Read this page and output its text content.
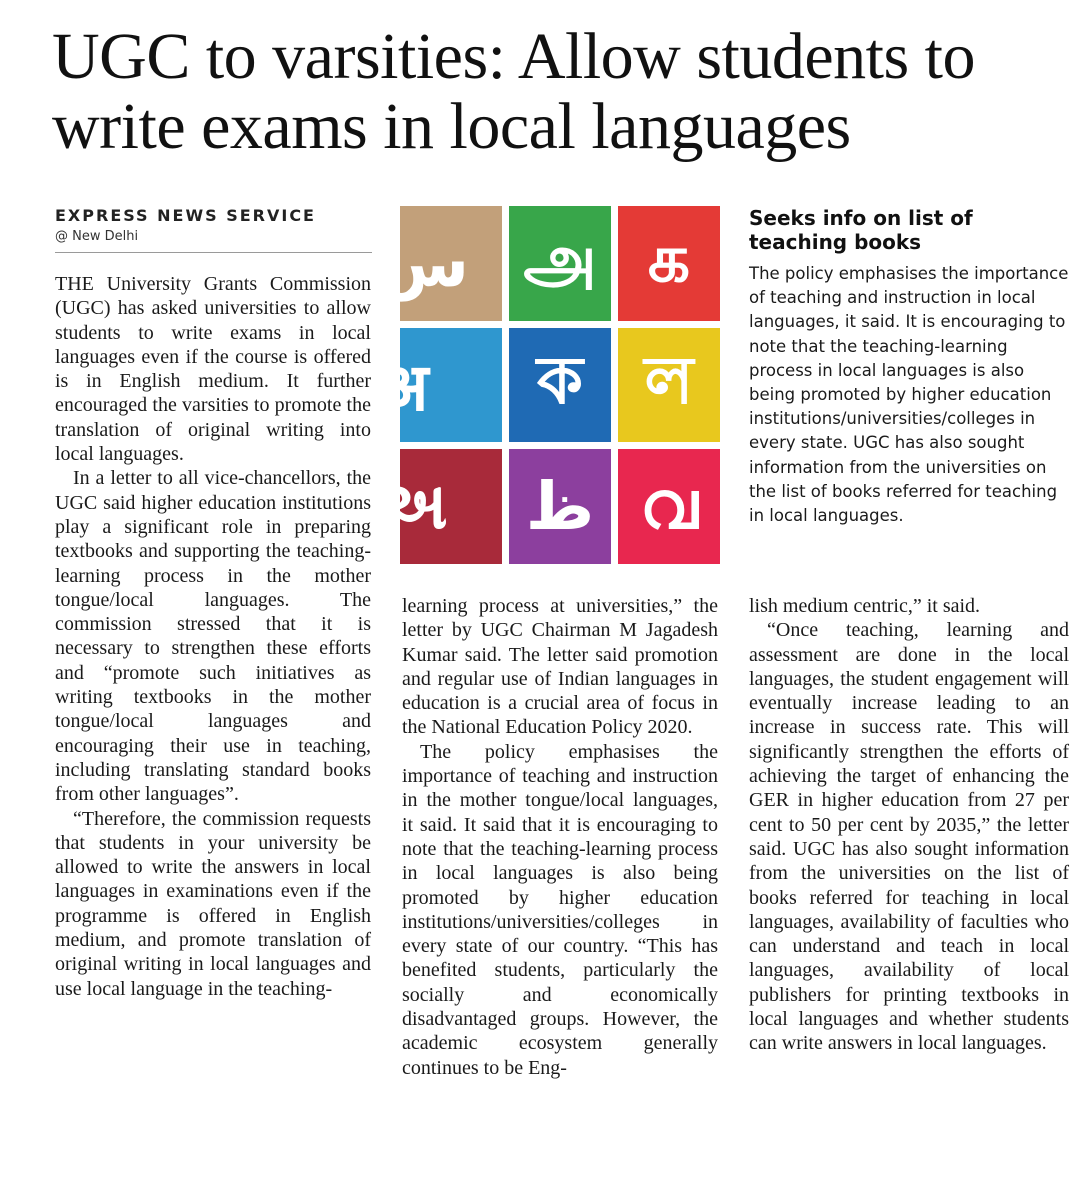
UGC to varsities: Allow students to write exams in local languages
EXPRESS NEWS SERVICE
@ New Delhi

THE University Grants Commission (UGC) has asked universities to allow students to write exams in local languages even if the course is offered is in English medium. It further encouraged the varsities to promote the translation of original writing into local languages.

In a letter to all vice-chancellors, the UGC said higher education institutions play a significant role in preparing textbooks and supporting the teaching-learning process in the mother tongue/local languages. The commission stressed that it is necessary to strengthen these efforts and “promote such initiatives as writing textbooks in the mother tongue/local languages and encouraging their use in teaching, including translating standard books from other languages”.

“Therefore, the commission requests that students in your university be allowed to write the answers in local languages in examinations even if the programme is offered in English medium, and promote translation of original writing in local languages and use local language in the teaching-

س அ க
अ	ক ল
અ	ظ വ
Seeks info on list of teaching books

The policy emphasises the importance of teaching and instruction in local languages, it said. It is encouraging to note that the teaching-learning process in local languages is also being promoted by higher education institutions/universities/colleges in every state. UGC has also sought information from the universities on the list of books referred for teaching in local languages.

learning process at universities,” the letter by UGC Chairman M Jagadesh Kumar said. The letter said promotion and regular use of Indian languages in education is a crucial area of focus in the National Education Policy 2020.

The policy emphasises the importance of teaching and instruction in the mother tongue/local languages, it said. It said that it is encouraging to note that the teaching-learning process in local languages is also being promoted by higher education institutions/universities/colleges in every state of our country. “This has benefited students, particularly the socially and economically disadvantaged groups. However, the academic ecosystem generally continues to be Eng-

lish medium centric,” it said.

“Once teaching, learning and assessment are done in the local languages, the student engagement will eventually increase leading to an increase in success rate. This will significantly strengthen the efforts of achieving the target of enhancing the GER in higher education from 27 per cent to 50 per cent by 2035,” the letter said. UGC has also sought information from the universities on the list of books referred for teaching in local languages, availability of faculties who can understand and teach in local languages, availability of local publishers for printing textbooks in local languages and whether students can write answers in local languages.
